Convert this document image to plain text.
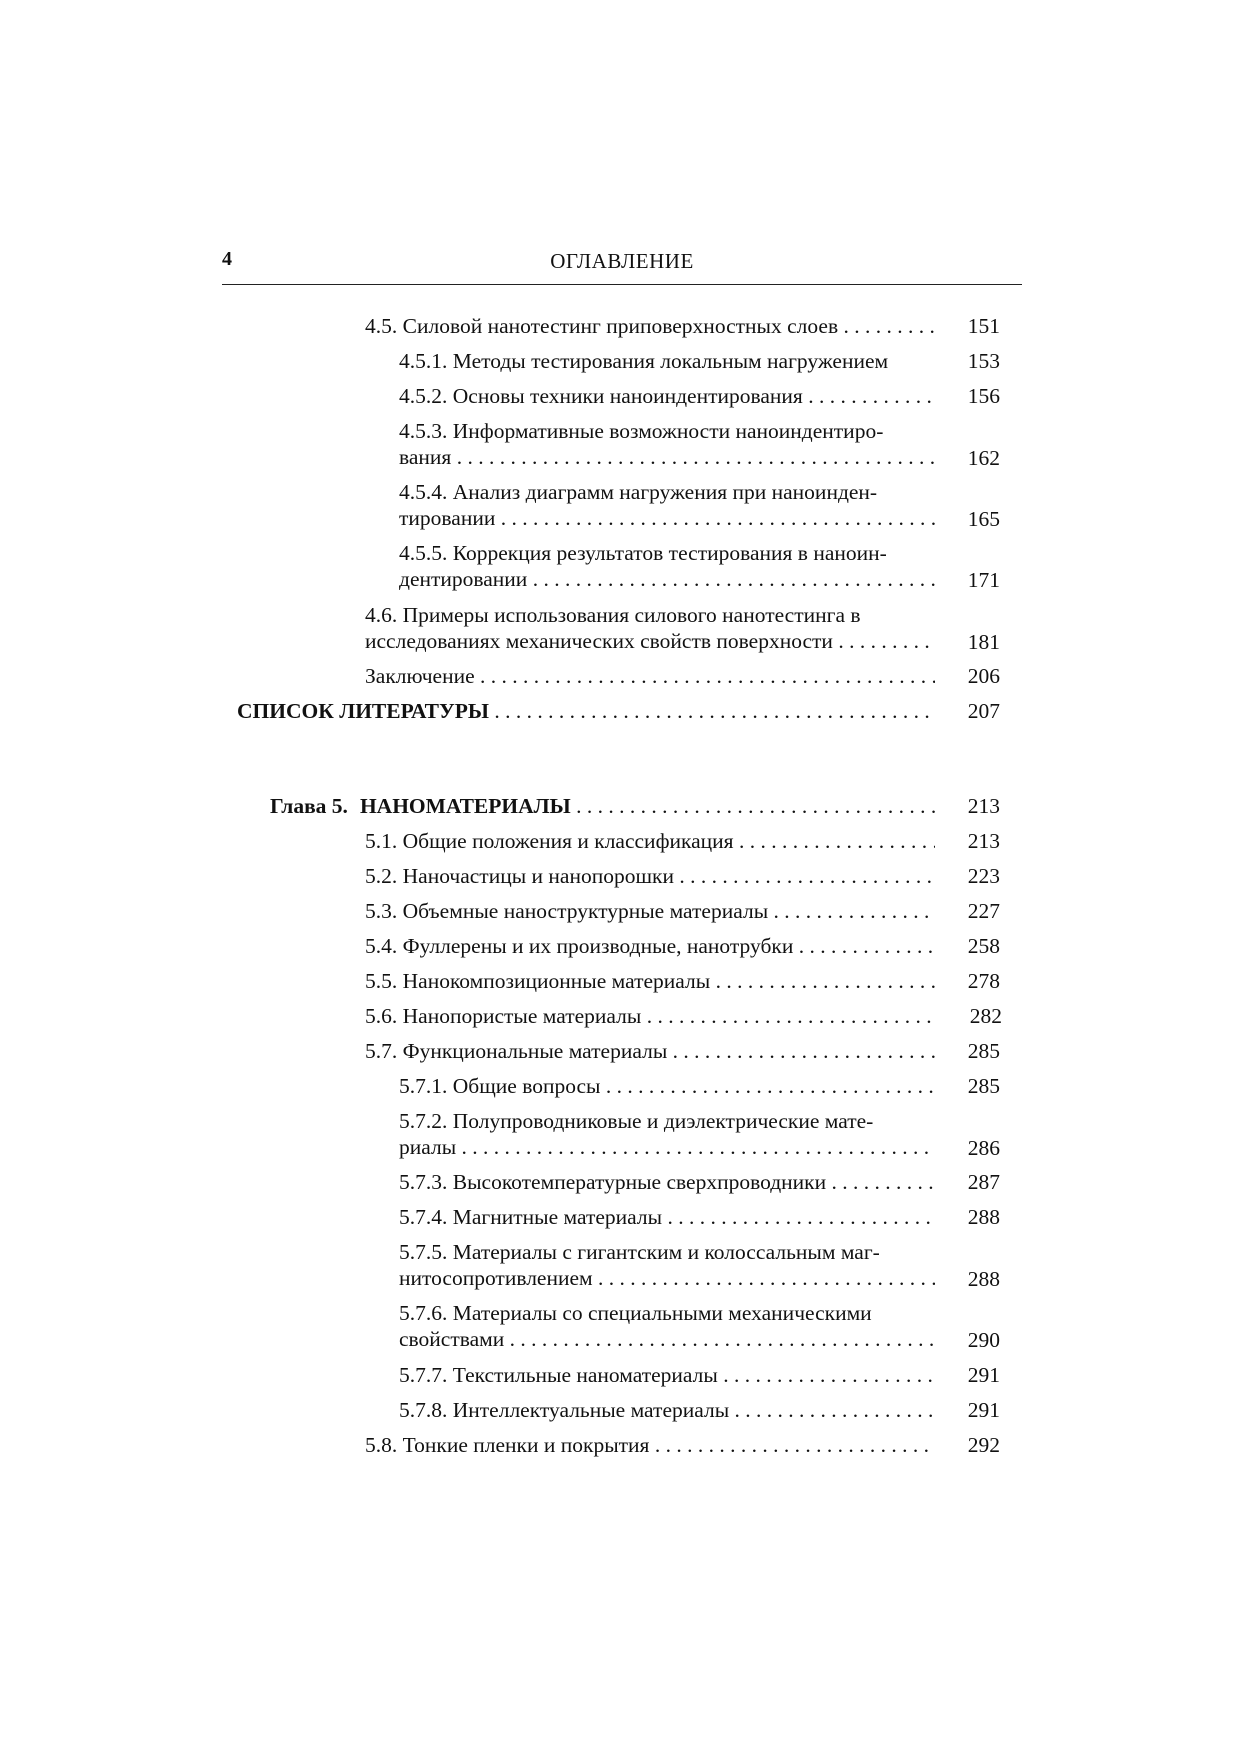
4	ОГЛАВЛЕНИЕ
4.5. Силовой нанотестинг приповерхностных слоев . . .	151
4.5.1. Методы тестирования локальным нагружением	153
4.5.2. Основы техники наноиндентирования . . .	156
4.5.3. Информативные возможности наноиндентиро-
вания . . .	162
4.5.4. Анализ диаграмм нагружения при наноинден-
тировании . . .	165
4.5.5. Коррекция результатов тестирования в наноин-
дентировании . . .	171
4.6. Примеры использования силового нанотестинга в
исследованиях механических свойств поверхности . . .	181
Заключение . . .	206
СПИСОК ЛИТЕРАТУРЫ . . .	207
Глава 5. НАНОМАТЕРИАЛЫ . . .	213
5.1. Общие положения и классификация . . .	213
5.2. Наночастицы и нанопорошки . . .	223
5.3. Объемные наноструктурные материалы . . .	227
5.4. Фуллерены и их производные, нанотрубки . . .	258
5.5. Нанокомпозиционные материалы . . .	278
5.6. Нанопористые материалы . . .	282
5.7. Функциональные материалы . . .	285
5.7.1. Общие вопросы . . .	285
5.7.2. Полупроводниковые и диэлектрические мате-
риалы . . .	286
5.7.3. Высокотемпературные сверхпроводники . . .	287
5.7.4. Магнитные материалы . . .	288
5.7.5. Материалы с гигантским и колоссальным маг-
нитосопротивлением . . .	288
5.7.6. Материалы со специальными механическими
свойствами . . .	290
5.7.7. Текстильные наноматериалы . . .	291
5.7.8. Интеллектуальные материалы . . .	291
5.8. Тонкие пленки и покрытия . . .	292
